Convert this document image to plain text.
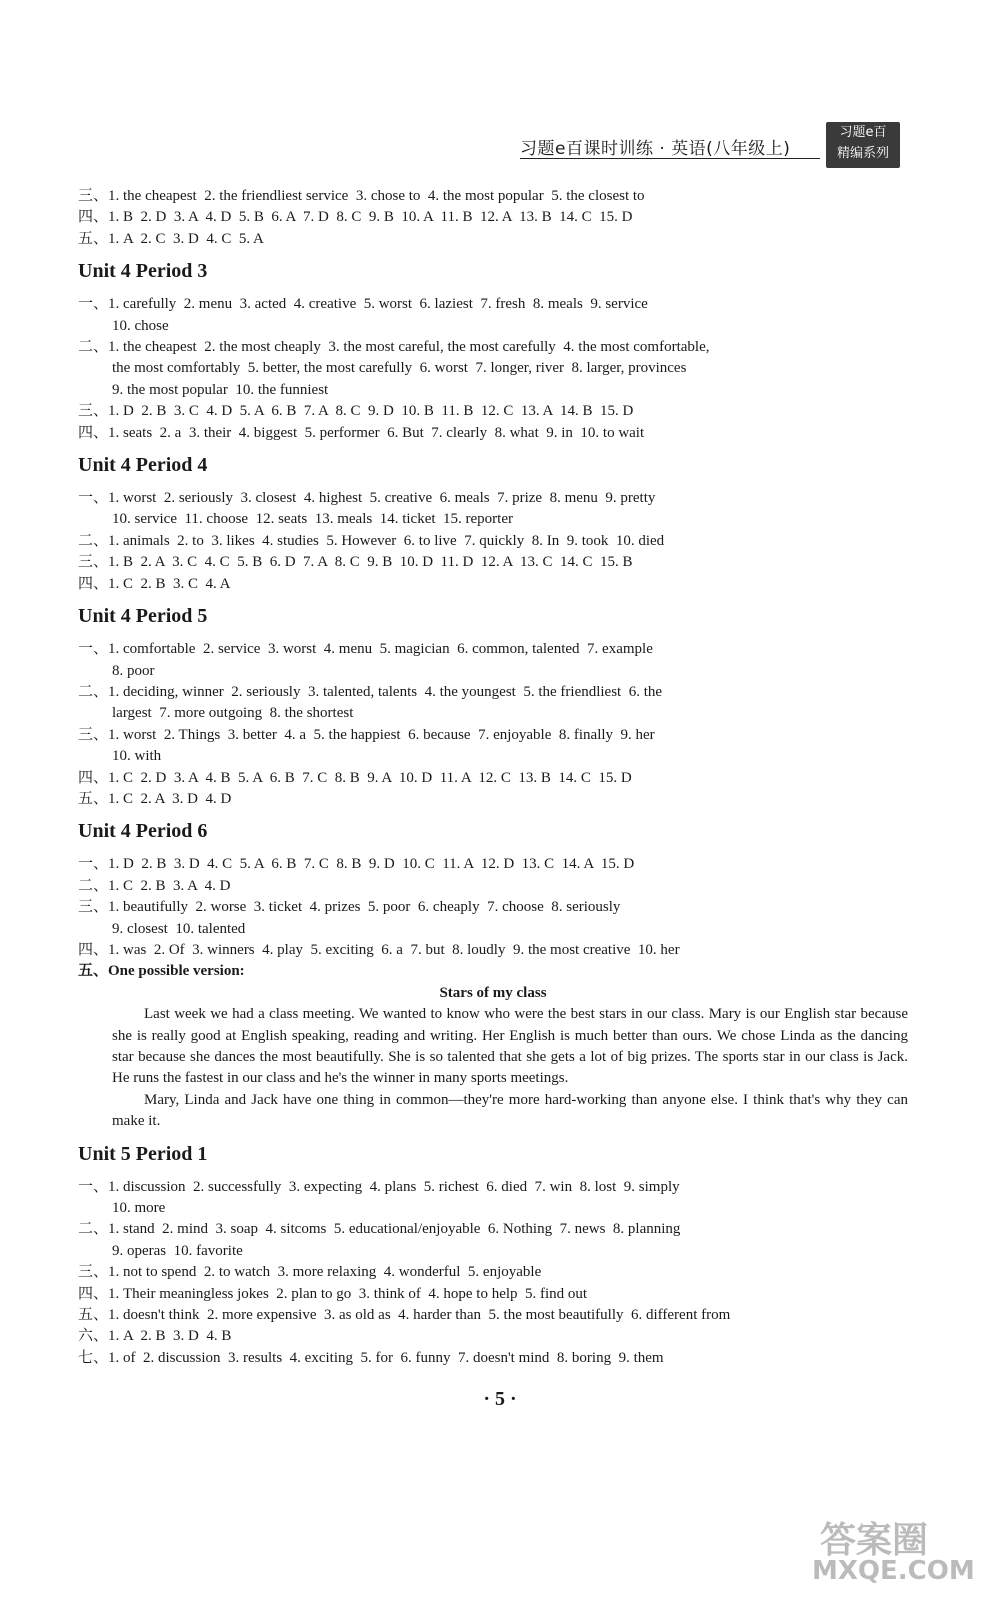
习题e百课时训练 · 英语(八年级上)
习题e百
精编系列
三、1. the cheapest  2. the friendliest service  3. chose to  4. the most popular  5. the closest to
四、1. B  2. D  3. A  4. D  5. B  6. A  7. D  8. C  9. B  10. A  11. B  12. A  13. B  14. C  15. D
五、1. A  2. C  3. D  4. C  5. A
Unit 4 Period 3
一、1. carefully  2. menu  3. acted  4. creative  5. worst  6. laziest  7. fresh  8. meals  9. service
10. chose
二、1. the cheapest  2. the most cheaply  3. the most careful, the most carefully  4. the most comfortable,
the most comfortably  5. better, the most carefully  6. worst  7. longer, river  8. larger, provinces
9. the most popular  10. the funniest
三、1. D  2. B  3. C  4. D  5. A  6. B  7. A  8. C  9. D  10. B  11. B  12. C  13. A  14. B  15. D
四、1. seats  2. a  3. their  4. biggest  5. performer  6. But  7. clearly  8. what  9. in  10. to wait
Unit 4 Period 4
一、1. worst  2. seriously  3. closest  4. highest  5. creative  6. meals  7. prize  8. menu  9. pretty
10. service  11. choose  12. seats  13. meals  14. ticket  15. reporter
二、1. animals  2. to  3. likes  4. studies  5. However  6. to live  7. quickly  8. In  9. took  10. died
三、1. B  2. A  3. C  4. C  5. B  6. D  7. A  8. C  9. B  10. D  11. D  12. A  13. C  14. C  15. B
四、1. C  2. B  3. C  4. A
Unit 4 Period 5
一、1. comfortable  2. service  3. worst  4. menu  5. magician  6. common, talented  7. example
8. poor
二、1. deciding, winner  2. seriously  3. talented, talents  4. the youngest  5. the friendliest  6. the
largest  7. more outgoing  8. the shortest
三、1. worst  2. Things  3. better  4. a  5. the happiest  6. because  7. enjoyable  8. finally  9. her
10. with
四、1. C  2. D  3. A  4. B  5. A  6. B  7. C  8. B  9. A  10. D  11. A  12. C  13. B  14. C  15. D
五、1. C  2. A  3. D  4. D
Unit 4 Period 6
一、1. D  2. B  3. D  4. C  5. A  6. B  7. C  8. B  9. D  10. C  11. A  12. D  13. C  14. A  15. D
二、1. C  2. B  3. A  4. D
三、1. beautifully  2. worse  3. ticket  4. prizes  5. poor  6. cheaply  7. choose  8. seriously
9. closest  10. talented
四、1. was  2. Of  3. winners  4. play  5. exciting  6. a  7. but  8. loudly  9. the most creative  10. her
五、One possible version:
Stars of my class
Last week we had a class meeting. We wanted to know who were the best stars in our class. Mary is our English star because she is really good at English speaking, reading and writing. Her English is much better than ours. We chose Linda as the dancing star because she dances the most beautifully. She is so talented that she gets a lot of big prizes. The sports star in our class is Jack. He runs the fastest in our class and he's the winner in many sports meetings.
Mary, Linda and Jack have one thing in common—they're more hard-working than anyone else. I think that's why they can make it.
Unit 5 Period 1
一、1. discussion  2. successfully  3. expecting  4. plans  5. richest  6. died  7. win  8. lost  9. simply
10. more
二、1. stand  2. mind  3. soap  4. sitcoms  5. educational/enjoyable  6. Nothing  7. news  8. planning
9. operas  10. favorite
三、1. not to spend  2. to watch  3. more relaxing  4. wonderful  5. enjoyable
四、1. Their meaningless jokes  2. plan to go  3. think of  4. hope to help  5. find out
五、1. doesn't think  2. more expensive  3. as old as  4. harder than  5. the most beautifully  6. different from
六、1. A  2. B  3. D  4. B
七、1. of  2. discussion  3. results  4. exciting  5. for  6. funny  7. doesn't mind  8. boring  9. them
· 5 ·
答案圈
MXQE.COM
